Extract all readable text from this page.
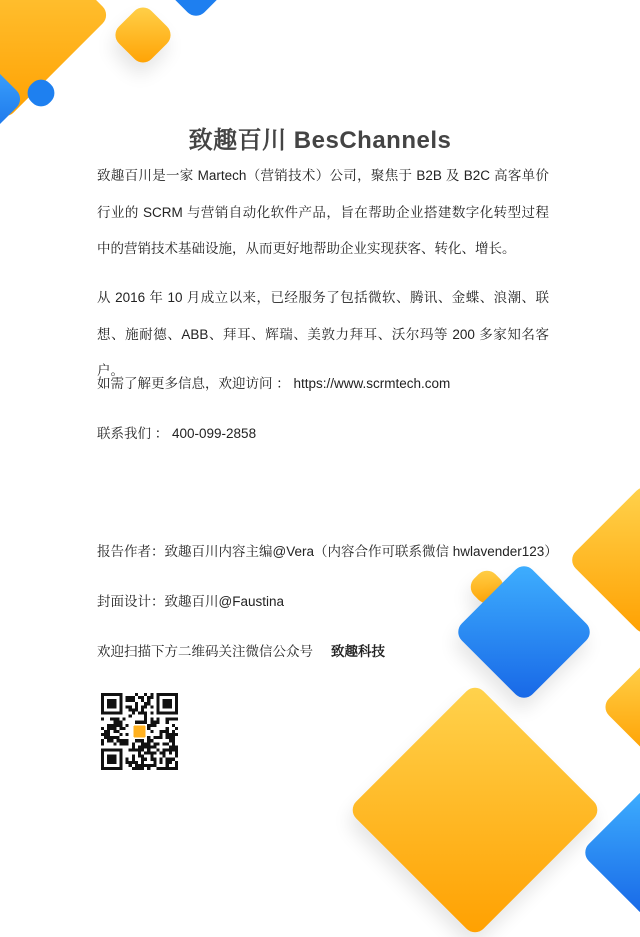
致趣百川 BesChannels
致趣百川是一家 Martech（营销技术）公司，聚焦于 B2B 及 B2C 高客单价行业的 SCRM 与营销自动化软件产品，旨在帮助企业搭建数字化转型过程中的营销技术基础设施，从而更好地帮助企业实现获客、转化、增长。
从 2016 年 10 月成立以来，已经服务了包括微软、腾讯、金蝶、浪潮、联想、施耐德、ABB、拜耳、辉瑞、美敦力拜耳、沃尔玛等 200 多家知名客户。
如需了解更多信息，欢迎访问 ： https://www.scrmtech.com
联系我们 ： 400-099-2858
报告作者：致趣百川内容主编@Vera（内容合作可联系微信 hwlavender123）
封面设计：致趣百川@Faustina
欢迎扫描下方二维码关注微信公众号 致趣科技
